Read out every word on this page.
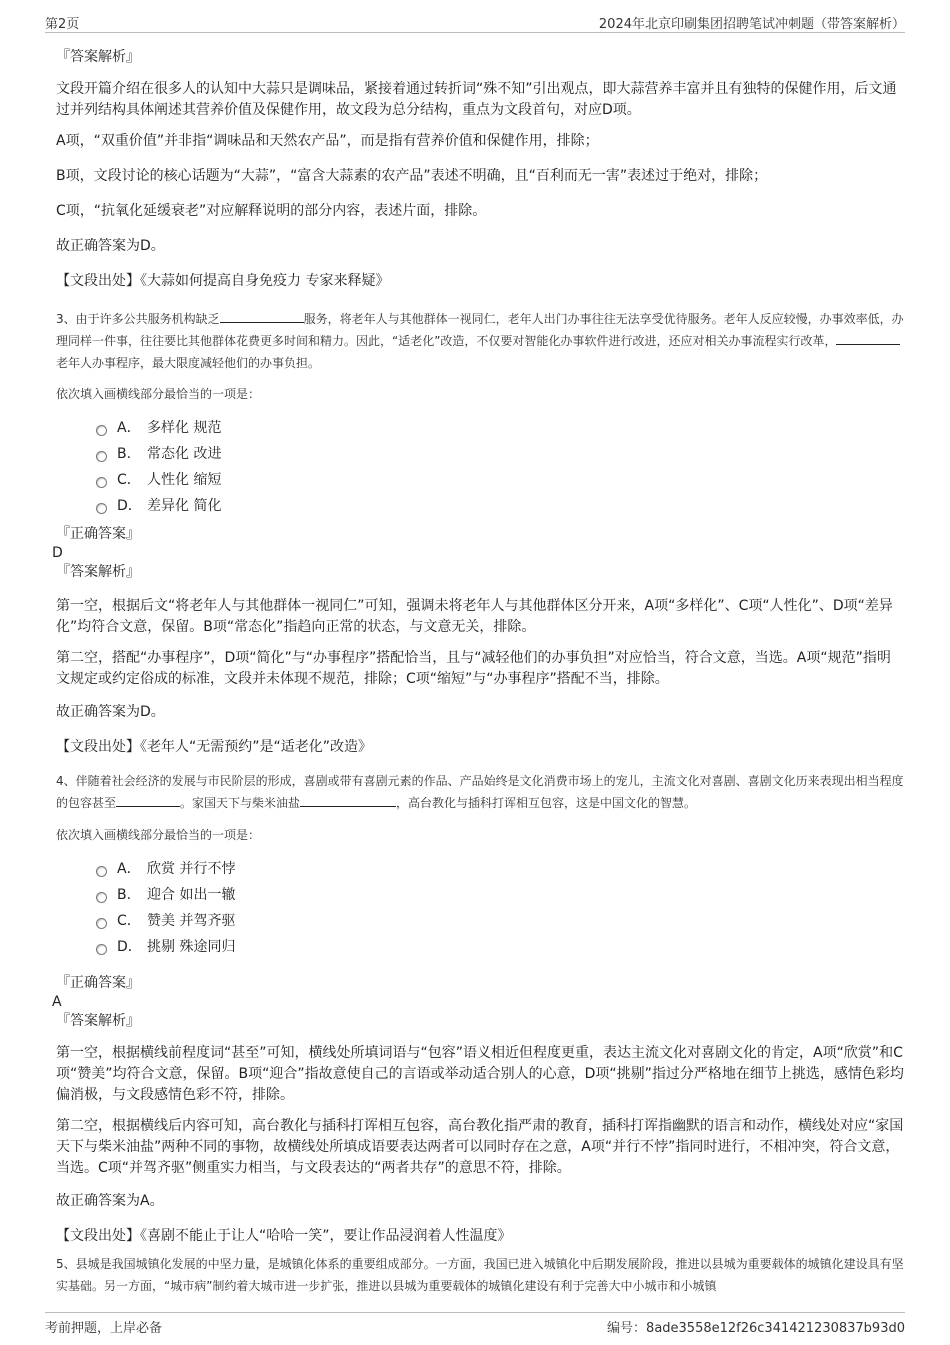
第2页	2024年北京印刷集团招聘笔试冲刺题（带答案解析）

『答案解析』

文段开篇介绍在很多人的认知中大蒜只是调味品，紧接着通过转折词“殊不知”引出观点，即大蒜营养丰富并且有独特的保健作用，后文通过并列结构具体阐述其营养价值及保健作用，故文段为总分结构，重点为文段首句，对应D项。

A项，“双重价值”并非指“调味品和天然农产品”，而是指有营养价值和保健作用，排除；

B项，文段讨论的核心话题为“大蒜”，“富含大蒜素的农产品”表述不明确，且“百利而无一害”表述过于绝对，排除；

C项，“抗氧化延缓衰老”对应解释说明的部分内容，表述片面，排除。

故正确答案为D。

【文段出处】《大蒜如何提高自身免疫力 专家来释疑》

3、由于许多公共服务机构缺乏	服务，将老年人与其他群体一视同仁，老年人出门办事往往无法享受优待服务。老年人反应较慢，办事效率低，办理同样一件事，往往要比其他群体花费更多时间和精力。因此，“适老化”改造，不仅要对智能化办事软件进行改进，还应对相关办事流程实行改革，老年人办事程序，最大限度减轻他们的办事负担。

依次填入画横线部分最恰当的一项是：

A． 多样化 规范
B.	常态化 改进
C． 人性化 缩短
D． 差异化 简化

『正确答案』

D

『答案解析』

第一空，根据后文“将老年人与其他群体一视同仁”可知，强调未将老年人与其他群体区分开来，A项“多样化”、C项“人性化”、D项“差异化”均符合文意，保留。B项“常态化”指趋向正常的状态，与文意无关，排除。

第二空，搭配“办事程序”，D项“简化”与“办事程序”搭配恰当，且与“减轻他们的办事负担”对应恰当，符合文意，当选。A项“规范”指明文规定或约定俗成的标准，文段并未体现不规范，排除；C项“缩短”与“办事程序”搭配不当，排除。

故正确答案为D。

【文段出处】《老年人“无需预约”是“适老化”改造》

4、伴随着社会经济的发展与市民阶层的形成，喜剧或带有喜剧元素的作品、产品始终是文化消费市场上的宠儿，主流文化对喜剧、喜剧文化历来表现出相当程度的包容甚至	。家国天下与柴米油盐	，高台教化与插科打诨相互包容，这是中国文化的智慧。

依次填入画横线部分最恰当的一项是：

A． 欣赏 并行不悖
B.	迎合 如出一辙
C． 赞美 并驾齐驱
D． 挑剔 殊途同归

『正确答案』

A

『答案解析』

第一空，根据横线前程度词“甚至”可知，横线处所填词语与“包容”语义相近但程度更重，表达主流文化对喜剧文化的肯定，A项“欣赏”和C项“赞美”均符合文意，保留。B项“迎合”指故意使自己的言语或举动适合别人的心意，D项“挑剔”指过分严格地在细节上挑选，感情色彩均偏消极，与文段感情色彩不符，排除。

第二空，根据横线后内容可知，高台教化与插科打诨相互包容，高台教化指严肃的教育，插科打诨指幽默的语言和动作，横线处对应“家国天下与柴米油盐”两种不同的事物，故横线处所填成语要表达两者可以同时存在之意，A项“并行不悖”指同时进行，不相冲突，符合文意，当选。C项“并驾齐驱”侧重实力相当，与文段表达的“两者共存”的意思不符，排除。

故正确答案为A。

【文段出处】《喜剧不能止于让人“哈哈一笑”，要让作品浸润着人性温度》

5、县城是我国城镇化发展的中坚力量，是城镇化体系的重要组成部分。一方面，我国已进入城镇化中后期发展阶段，推进以县城为重要载体的城镇化建设具有坚实基础。另一方面，“城市病”制约着大城市进一步扩张，推进以县城为重要载体的城镇化建设有利于完善大中小城市和小城镇

考前押题，上岸必备	编号：8ade3558e12f26c341421230837b93d0
